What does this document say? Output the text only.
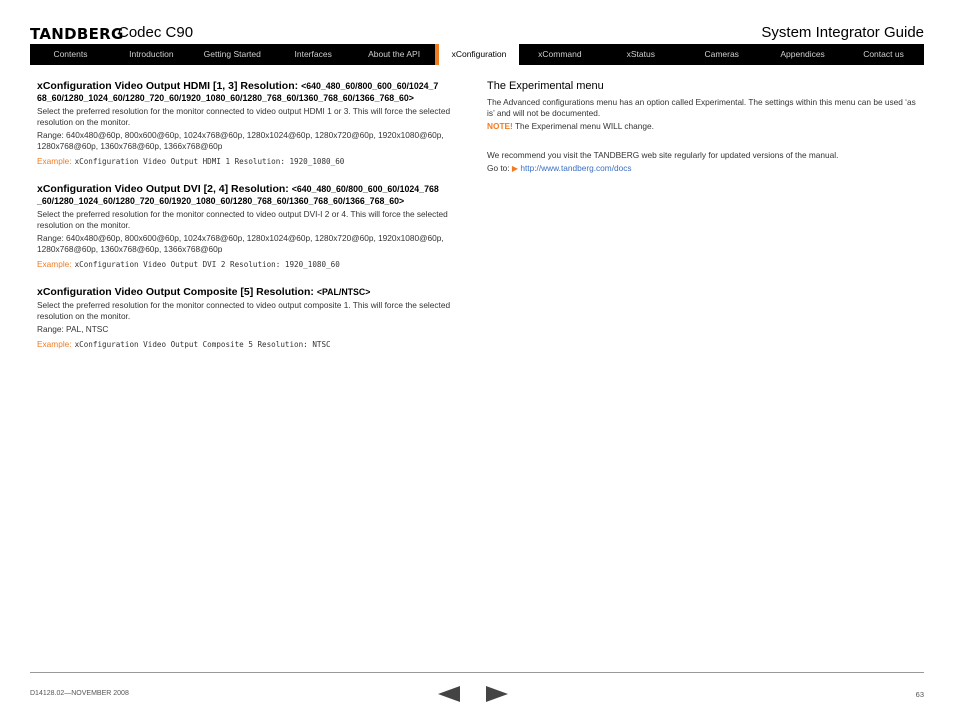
TANDBERG
Codec C90	System Integrator Guide
Contents	Introduction	Getting Started	Interfaces	About the API	xConfiguration	xCommand	xStatus	Cameras	Appendices	Contact us

xConfiguration Video Output HDMI [1, 3] Resolution: <640_480_60/800_600_60/1024_7
68_60/1280_1024_60/1280_720_60/1920_1080_60/1280_768_60/1360_768_60/1366_768_60>

Select the preferred resolution for the monitor connected to video output HDMI 1 or 3. This will force the selected resolution on the monitor.

Range: 640x480@60p, 800x600@60p, 1024x768@60p, 1280x1024@60p, 1280x720@60p, 1920x1080@60p, 1280x768@60p, 1360x768@60p, 1366x768@60p

Example: xConfiguration Video Output HDMI 1 Resolution: 1920_1080_60

xConfiguration Video Output DVI [2, 4] Resolution: <640_480_60/800_600_60/1024_768
_60/1280_1024_60/1280_720_60/1920_1080_60/1280_768_60/1360_768_60/1366_768_60>

Select the preferred resolution for the monitor connected to video output DVI-I 2 or 4. This will force the selected resolution on the monitor.

Range: 640x480@60p, 800x600@60p, 1024x768@60p, 1280x1024@60p, 1280x720@60p, 1920x1080@60p, 1280x768@60p, 1360x768@60p, 1366x768@60p

Example: xConfiguration Video Output DVI 2 Resolution: 1920_1080_60

xConfiguration Video Output Composite [5] Resolution: <PAL/NTSC>

Select the preferred resolution for the monitor connected to video output composite 1. This will force the selected resolution on the monitor.

Range: PAL, NTSC

Example: xConfiguration Video Output Composite 5 Resolution: NTSC

The Experimental menu

The Advanced configurations menu has an option called Experimental. The settings within this menu can be used ‘as is’ and will not be documented.

NOTE! The Experimenal menu WILL change.

We recommend you visit the TANDBERG web site regularly for updated versions of the manual.

Go to: ▶ http://www.tandberg.com/docs

D14128.02—NOVEMBER 2008	63
